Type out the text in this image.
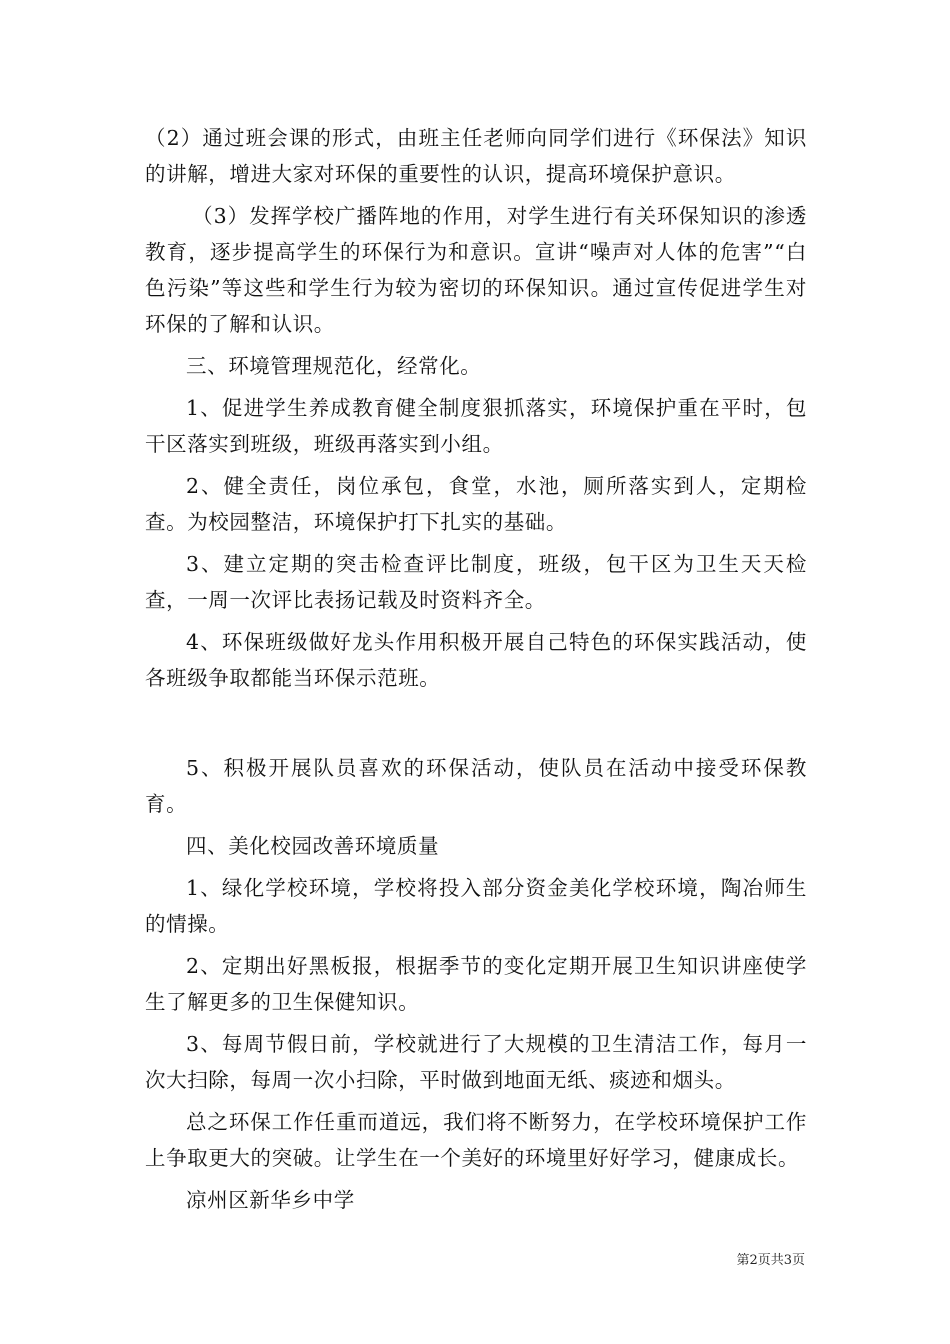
（2）通过班会课的形式，由班主任老师向同学们进行《环保法》知识的讲解，增进大家对环保的重要性的认识，提高环境保护意识。

（3）发挥学校广播阵地的作用，对学生进行有关环保知识的渗透教育，逐步提高学生的环保行为和意识。宣讲“噪声对人体的危害”“白色污染”等这些和学生行为较为密切的环保知识。通过宣传促进学生对环保的了解和认识。

三、环境管理规范化，经常化。

1、促进学生养成教育健全制度狠抓落实，环境保护重在平时，包干区落实到班级，班级再落实到小组。

2、健全责任，岗位承包，食堂，水池，厕所落实到人，定期检查。为校园整洁，环境保护打下扎实的基础。

3、建立定期的突击检查评比制度，班级，包干区为卫生天天检查，一周一次评比表扬记载及时资料齐全。

4、环保班级做好龙头作用积极开展自己特色的环保实践活动，使各班级争取都能当环保示范班。

5、积极开展队员喜欢的环保活动，使队员在活动中接受环保教育。

四、美化校园改善环境质量

1、绿化学校环境，学校将投入部分资金美化学校环境，陶冶师生的情操。

2、定期出好黑板报，根据季节的变化定期开展卫生知识讲座使学生了解更多的卫生保健知识。

3、每周节假日前，学校就进行了大规模的卫生清洁工作，每月一次大扫除，每周一次小扫除，平时做到地面无纸、痰迹和烟头。

总之环保工作任重而道远，我们将不断努力，在学校环境保护工作上争取更大的突破。让学生在一个美好的环境里好好学习，健康成长。

凉州区新华乡中学

第2页共3页
